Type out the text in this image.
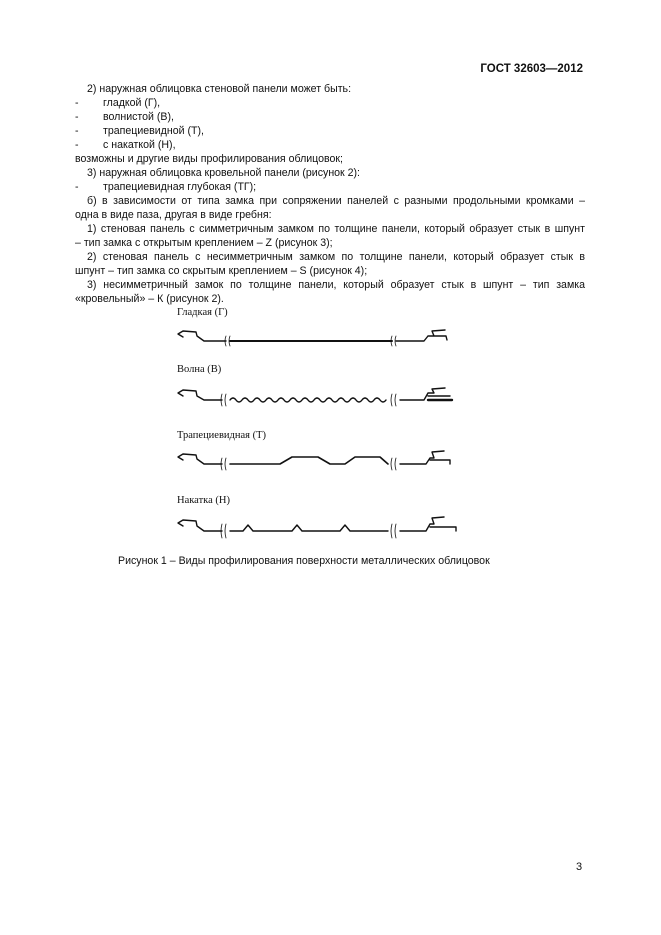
ГОСТ 32603—2012
2) наружная облицовка стеновой панели может быть:
- гладкой (Г),
- волнистой (В),
- трапециевидной (Т),
- с накаткой (Н),
возможны и другие виды профилирования облицовок;
3) наружная облицовка кровельной панели (рисунок 2):
- трапециевидная глубокая (ТГ);
б) в зависимости от типа замка при сопряжении панелей с разными продольными кромками –
одна в виде паза, другая в виде гребня:
1) стеновая панель с симметричным замком по толщине панели, который образует стык в шпунт
– тип замка с открытым креплением – Z (рисунок 3);
2) стеновая панель с несимметричным замком по толщине панели, который образует стык в
шпунт – тип замка со скрытым креплением – S (рисунок 4);
3) несимметричный замок по толщине панели, который образует стык в шпунт – тип замка
«кровельный» – К (рисунок 2).
Гладкая (Г)
Волна (В)
Трапециевидная (Т)
Накатка (Н)
Рисунок 1 – Виды профилирования поверхности металлических облицовок
3
